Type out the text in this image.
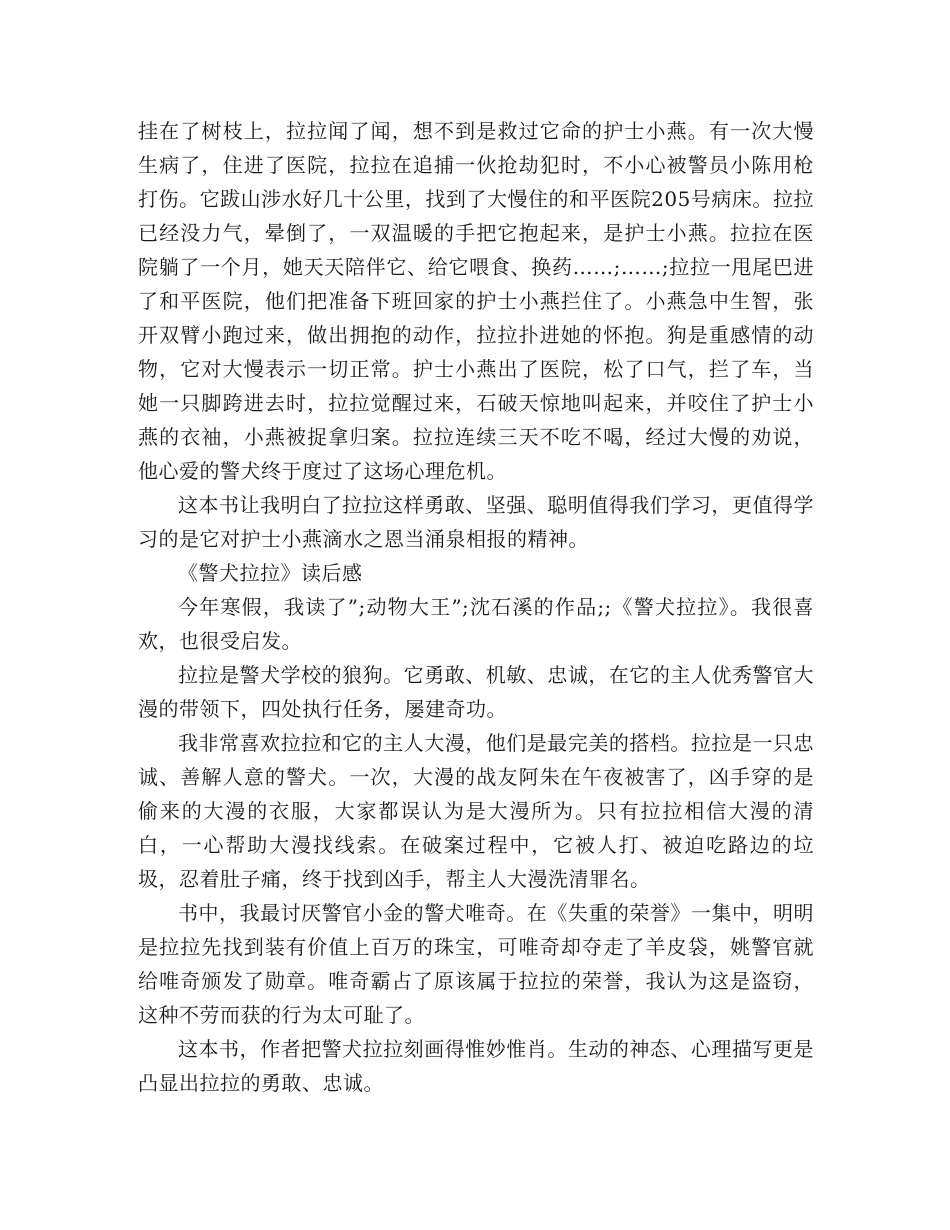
挂在了树枝上，拉拉闻了闻，想不到是救过它命的护士小燕。有一次大慢生病了，住进了医院，拉拉在追捕一伙抢劫犯时，不小心被警员小陈用枪打伤。它跋山涉水好几十公里，找到了大慢住的和平医院205号病床。拉拉已经没力气，晕倒了，一双温暖的手把它抱起来，是护士小燕。拉拉在医院躺了一个月，她天天陪伴它、给它喂食、换药……;……;拉拉一甩尾巴进了和平医院，他们把准备下班回家的护士小燕拦住了。小燕急中生智，张开双臂小跑过来，做出拥抱的动作，拉拉扑进她的怀抱。狗是重感情的动物，它对大慢表示一切正常。护士小燕出了医院，松了口气，拦了车，当她一只脚跨进去时，拉拉觉醒过来，石破天惊地叫起来，并咬住了护士小燕的衣袖，小燕被捉拿归案。拉拉连续三天不吃不喝，经过大慢的劝说，他心爱的警犬终于度过了这场心理危机。

这本书让我明白了拉拉这样勇敢、坚强、聪明值得我们学习，更值得学习的是它对护士小燕滴水之恩当涌泉相报的精神。

《警犬拉拉》读后感

今年寒假，我读了”;动物大王”;沈石溪的作品;;《警犬拉拉》。我很喜欢，也很受启发。

拉拉是警犬学校的狼狗。它勇敢、机敏、忠诚，在它的主人优秀警官大漫的带领下，四处执行任务，屡建奇功。

我非常喜欢拉拉和它的主人大漫，他们是最完美的搭档。拉拉是一只忠诚、善解人意的警犬。一次，大漫的战友阿朱在午夜被害了，凶手穿的是偷来的大漫的衣服，大家都误认为是大漫所为。只有拉拉相信大漫的清白，一心帮助大漫找线索。在破案过程中，它被人打、被迫吃路边的垃圾，忍着肚子痛，终于找到凶手，帮主人大漫洗清罪名。

书中，我最讨厌警官小金的警犬唯奇。在《失重的荣誉》一集中，明明是拉拉先找到装有价值上百万的珠宝，可唯奇却夺走了羊皮袋，姚警官就给唯奇颁发了勋章。唯奇霸占了原该属于拉拉的荣誉，我认为这是盗窃，这种不劳而获的行为太可耻了。

这本书，作者把警犬拉拉刻画得惟妙惟肖。生动的神态、心理描写更是凸显出拉拉的勇敢、忠诚。
